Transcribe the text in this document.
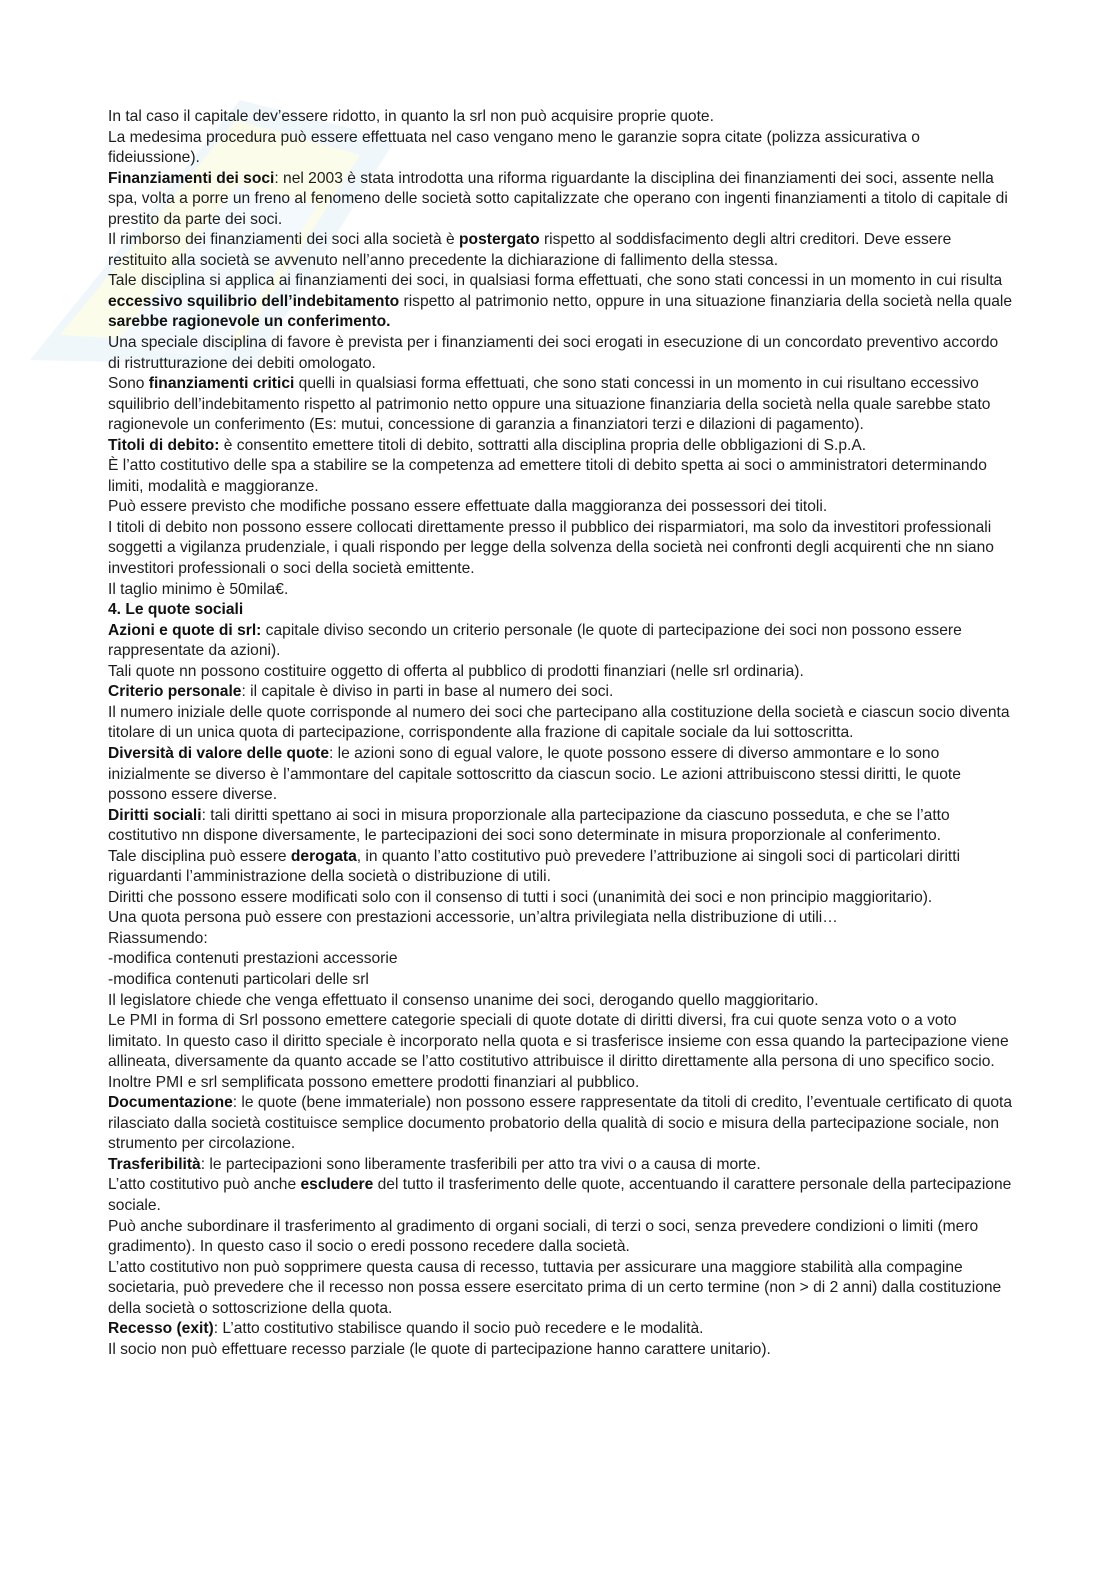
In tal caso il capitale dev’essere ridotto, in quanto la srl non può acquisire proprie quote.
La medesima procedura può essere effettuata nel caso vengano meno le garanzie sopra citate (polizza assicurativa o fideiussione).
Finanziamenti dei soci: nel 2003 è stata introdotta una riforma riguardante la disciplina dei finanziamenti dei soci, assente nella spa, volta a porre un freno al fenomeno delle società sotto capitalizzate che operano con ingenti finanziamenti a titolo di capitale di prestito da parte dei soci.
Il rimborso dei finanziamenti dei soci alla società è postergato rispetto al soddisfacimento degli altri creditori. Deve essere restituito alla società se avvenuto nell’anno precedente la dichiarazione di fallimento della stessa.
Tale disciplina si applica ai finanziamenti dei soci, in qualsiasi forma effettuati, che sono stati concessi in un momento in cui risulta eccessivo squilibrio dell’indebitamento rispetto al patrimonio netto, oppure in una situazione finanziaria della società nella quale sarebbe ragionevole un conferimento.
Una speciale disciplina di favore è prevista per i finanziamenti dei soci erogati in esecuzione di un concordato preventivo accordo di ristrutturazione dei debiti omologato.
Sono finanziamenti critici quelli in qualsiasi forma effettuati, che sono stati concessi in un momento in cui risultano eccessivo squilibrio dell’indebitamento rispetto al patrimonio netto oppure una situazione finanziaria della società nella quale sarebbe stato ragionevole un conferimento (Es: mutui, concessione di garanzia a finanziatori terzi e dilazioni di pagamento).
Titoli di debito: è consentito emettere titoli di debito, sottratti alla disciplina propria delle obbligazioni di S.p.A.
È l’atto costitutivo delle spa a stabilire se la competenza ad emettere titoli di debito spetta ai soci o amministratori determinando limiti, modalità e maggioranze.
Può essere previsto che modifiche possano essere effettuate dalla maggioranza dei possessori dei titoli.
I titoli di debito non possono essere collocati direttamente presso il pubblico dei risparmiatori, ma solo da investitori professionali soggetti a vigilanza prudenziale, i quali rispondo per legge della solvenza della società nei confronti degli acquirenti che nn siano investitori professionali o soci della società emittente.
Il taglio minimo è 50mila€.
4. Le quote sociali
Azioni e quote di srl: capitale diviso secondo un criterio personale (le quote di partecipazione dei soci non possono essere rappresentate da azioni).
Tali quote nn possono costituire oggetto di offerta al pubblico di prodotti finanziari (nelle srl ordinaria).
Criterio personale: il capitale è diviso in parti in base al numero dei soci.
Il numero iniziale delle quote corrisponde al numero dei soci che partecipano alla costituzione della società e ciascun socio diventa titolare di un unica quota di partecipazione, corrispondente alla frazione di capitale sociale da lui sottoscritta.
Diversità di valore delle quote: le azioni sono di egual valore, le quote possono essere di diverso ammontare e lo sono inizialmente se diverso è l’ammontare del capitale sottoscritto da ciascun socio. Le azioni attribuiscono stessi diritti, le quote possono essere diverse.
Diritti sociali: tali diritti spettano ai soci in misura proporzionale alla partecipazione da ciascuno posseduta, e che se l’atto costitutivo nn dispone diversamente, le partecipazioni dei soci sono determinate in misura proporzionale al conferimento.
Tale disciplina può essere derogata, in quanto l’atto costitutivo può prevedere l’attribuzione ai singoli soci di particolari diritti riguardanti l’amministrazione della società o distribuzione di utili.
Diritti che possono essere modificati solo con il consenso di tutti i soci (unanimità dei soci e non principio maggioritario).
Una quota persona può essere con prestazioni accessorie, un’altra privilegiata nella distribuzione di utili…
Riassumendo:
-modifica contenuti prestazioni accessorie
-modifica contenuti particolari delle srl
Il legislatore chiede che venga effettuato il consenso unanime dei soci, derogando quello maggioritario.
Le PMI in forma di Srl possono emettere categorie speciali di quote dotate di diritti diversi, fra cui quote senza voto o a voto limitato. In questo caso il diritto speciale è incorporato nella quota e si trasferisce insieme con essa quando la partecipazione viene allineata, diversamente da quanto accade se l’atto costitutivo attribuisce il diritto direttamente alla persona di uno specifico socio.
Inoltre PMI e srl semplificata possono emettere prodotti finanziari al pubblico.
Documentazione: le quote (bene immateriale) non possono essere rappresentate da titoli di credito, l’eventuale certificato di quota rilasciato dalla società costituisce semplice documento probatorio della qualità di socio e misura della partecipazione sociale, non strumento per circolazione.
Trasferibilità: le partecipazioni sono liberamente trasferibili per atto tra vivi o a causa di morte.
L’atto costitutivo può anche escludere del tutto il trasferimento delle quote, accentuando il carattere personale della partecipazione sociale.
Può anche subordinare il trasferimento al gradimento di organi sociali, di terzi o soci, senza prevedere condizioni o limiti (mero gradimento). In questo caso il socio o eredi possono recedere dalla società.
L’atto costitutivo non può sopprimere questa causa di recesso, tuttavia per assicurare una maggiore stabilità alla compagine societaria, può prevedere che il recesso non possa essere esercitato prima di un certo termine (non > di 2 anni) dalla costituzione della società o sottoscrizione della quota.
Recesso (exit): L’atto costitutivo stabilisce quando il socio può recedere e le modalità.
Il socio non può effettuare recesso parziale (le quote di partecipazione hanno carattere unitario).
